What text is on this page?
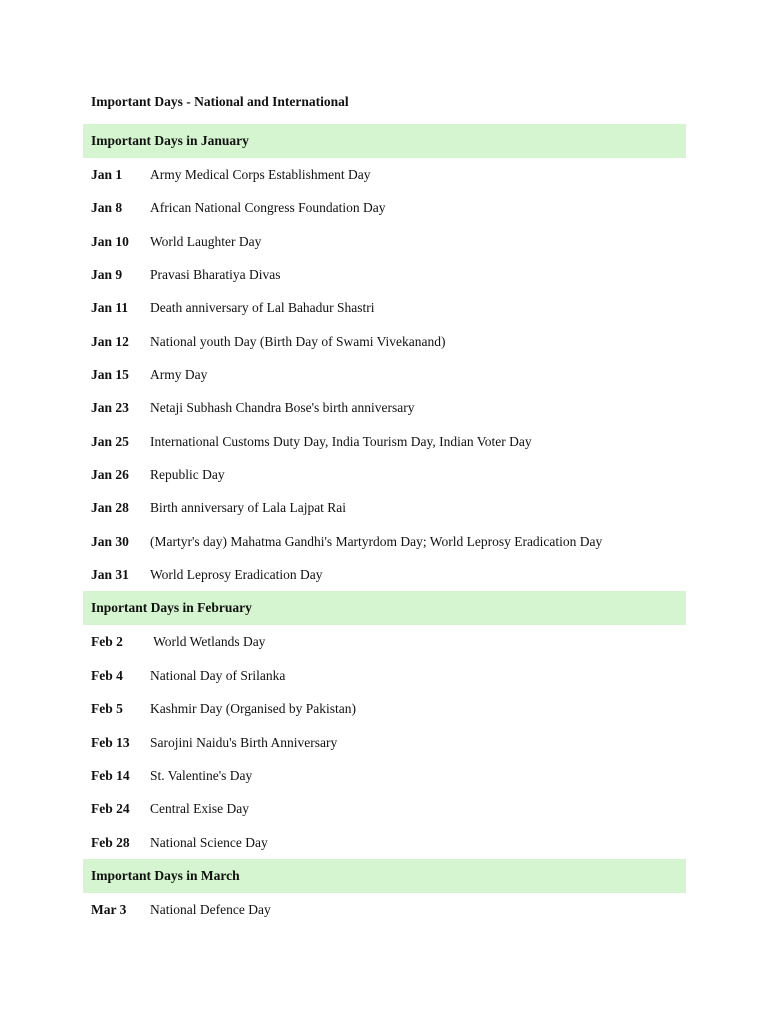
Important Days - National and International
Important Days in January
Jan 1	Army Medical Corps Establishment Day
Jan 8	African National Congress Foundation Day
Jan 10	World Laughter Day
Jan 9	Pravasi Bharatiya Divas
Jan 11	Death anniversary of Lal Bahadur Shastri
Jan 12	National youth Day (Birth Day of Swami Vivekanand)
Jan 15	Army Day
Jan 23	Netaji Subhash Chandra Bose's birth anniversary
Jan 25	International Customs Duty Day, India Tourism Day, Indian Voter Day
Jan 26	Republic Day
Jan 28	Birth anniversary of Lala Lajpat Rai
Jan 30	(Martyr's day) Mahatma Gandhi's Martyrdom Day; World Leprosy Eradication Day
Jan 31	World Leprosy Eradication Day
Inportant Days in February
Feb 2	World Wetlands Day
Feb 4	National Day of Srilanka
Feb 5	Kashmir Day (Organised by Pakistan)
Feb 13	Sarojini Naidu's Birth Anniversary
Feb 14	St. Valentine's Day
Feb 24	Central Exise Day
Feb 28	National Science Day
Important Days in March
Mar 3	National Defence Day
